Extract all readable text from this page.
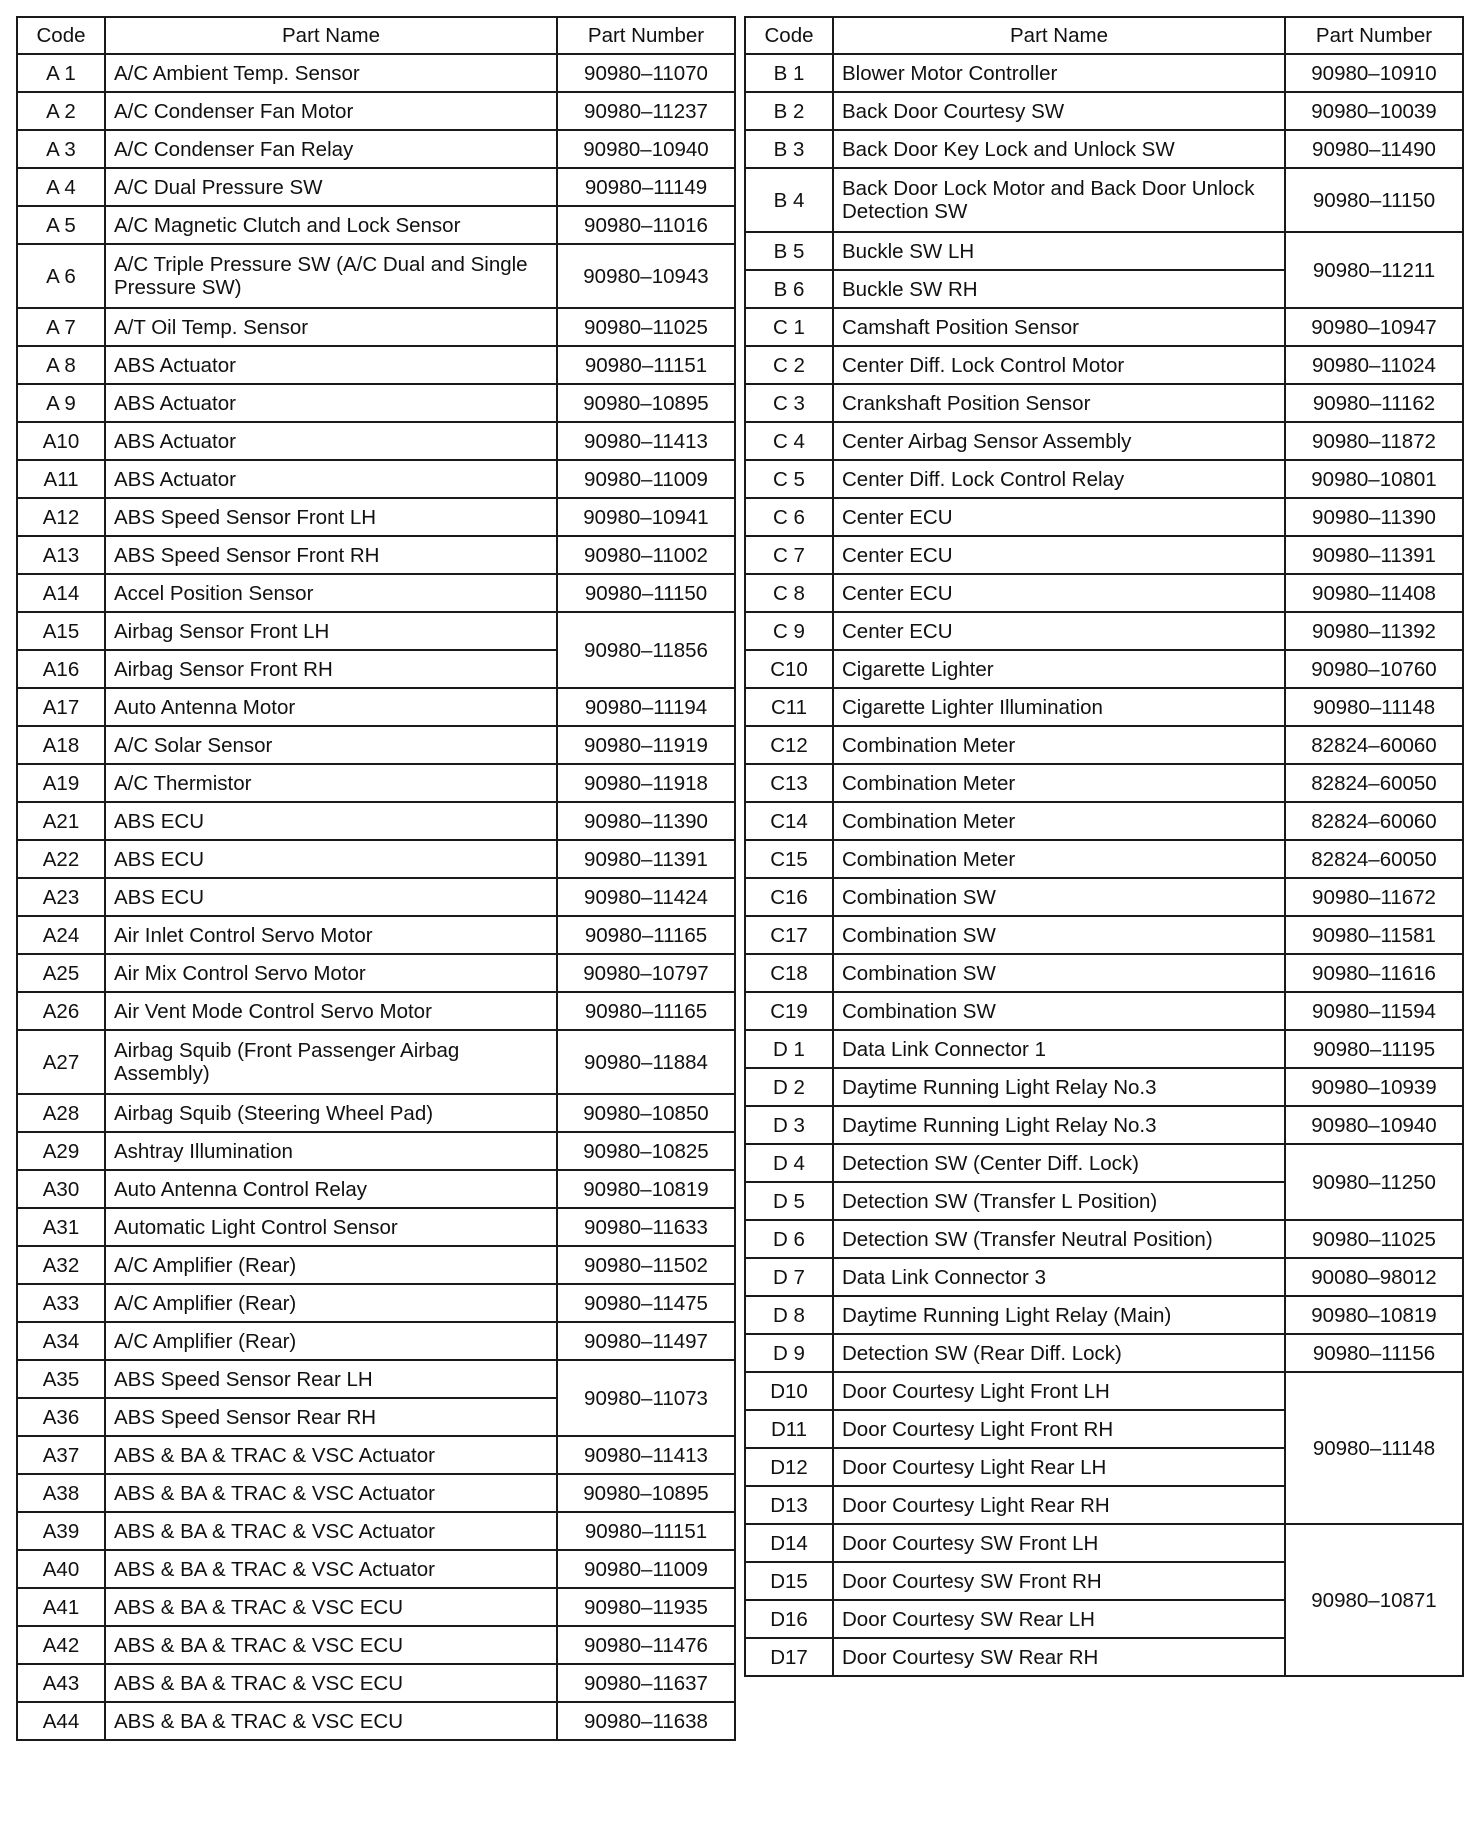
Code	Part Name	Part Number
A 1	A/C Ambient Temp. Sensor	90980–11070
A 2	A/C Condenser Fan Motor	90980–11237
A 3	A/C Condenser Fan Relay	90980–10940
A 4	A/C Dual Pressure SW	90980–11149
A 5	A/C Magnetic Clutch and Lock Sensor	90980–11016
A 6	A/C Triple Pressure SW (A/C Dual and Single Pressure SW)	90980–10943
A 7	A/T Oil Temp. Sensor	90980–11025
A 8	ABS Actuator	90980–11151
A 9	ABS Actuator	90980–10895
A10	ABS Actuator	90980–11413
A11	ABS Actuator	90980–11009
A12	ABS Speed Sensor Front LH	90980–10941
A13	ABS Speed Sensor Front RH	90980–11002
A14	Accel Position Sensor	90980–11150
A15	Airbag Sensor Front LH	90980–11856
A16	Airbag Sensor Front RH	
A17	Auto Antenna Motor	90980–11194
A18	A/C Solar Sensor	90980–11919
A19	A/C Thermistor	90980–11918
A21	ABS ECU	90980–11390
A22	ABS ECU	90980–11391
A23	ABS ECU	90980–11424
A24	Air Inlet Control Servo Motor	90980–11165
A25	Air Mix Control Servo Motor	90980–10797
A26	Air Vent Mode Control Servo Motor	90980–11165
A27	Airbag Squib (Front Passenger Airbag Assembly)	90980–11884
A28	Airbag Squib (Steering Wheel Pad)	90980–10850
A29	Ashtray Illumination	90980–10825
A30	Auto Antenna Control Relay	90980–10819
A31	Automatic Light Control Sensor	90980–11633
A32	A/C Amplifier (Rear)	90980–11502
A33	A/C Amplifier (Rear)	90980–11475
A34	A/C Amplifier (Rear)	90980–11497
A35	ABS Speed Sensor Rear LH	90980–11073
A36	ABS Speed Sensor Rear RH	
A37	ABS & BA & TRAC & VSC Actuator	90980–11413
A38	ABS & BA & TRAC & VSC Actuator	90980–10895
A39	ABS & BA & TRAC & VSC Actuator	90980–11151
A40	ABS & BA & TRAC & VSC Actuator	90980–11009
A41	ABS & BA & TRAC & VSC ECU	90980–11935
A42	ABS & BA & TRAC & VSC ECU	90980–11476
A43	ABS & BA & TRAC & VSC ECU	90980–11637
A44	ABS & BA & TRAC & VSC ECU	90980–11638
Code	Part Name	Part Number
B 1	Blower Motor Controller	90980–10910
B 2	Back Door Courtesy SW	90980–10039
B 3	Back Door Key Lock and Unlock SW	90980–11490
B 4	Back Door Lock Motor and Back Door Unlock Detection SW	90980–11150
B 5	Buckle SW LH	90980–11211
B 6	Buckle SW RH	
C 1	Camshaft Position Sensor	90980–10947
C 2	Center Diff. Lock Control Motor	90980–11024
C 3	Crankshaft Position Sensor	90980–11162
C 4	Center Airbag Sensor Assembly	90980–11872
C 5	Center Diff. Lock Control Relay	90980–10801
C 6	Center ECU	90980–11390
C 7	Center ECU	90980–11391
C 8	Center ECU	90980–11408
C 9	Center ECU	90980–11392
C10	Cigarette Lighter	90980–10760
C11	Cigarette Lighter Illumination	90980–11148
C12	Combination Meter	82824–60060
C13	Combination Meter	82824–60050
C14	Combination Meter	82824–60060
C15	Combination Meter	82824–60050
C16	Combination SW	90980–11672
C17	Combination SW	90980–11581
C18	Combination SW	90980–11616
C19	Combination SW	90980–11594
D 1	Data Link Connector 1	90980–11195
D 2	Daytime Running Light Relay No.3	90980–10939
D 3	Daytime Running Light Relay No.3	90980–10940
D 4	Detection SW (Center Diff. Lock)	90980–11250
D 5	Detection SW (Transfer L Position)	
D 6	Detection SW (Transfer Neutral Position)	90980–11025
D 7	Data Link Connector 3	90080–98012
D 8	Daytime Running Light Relay (Main)	90980–10819
D 9	Detection SW (Rear Diff. Lock)	90980–11156
D10	Door Courtesy Light Front LH	90980–11148
D11	Door Courtesy Light Front RH	
D12	Door Courtesy Light Rear LH	
D13	Door Courtesy Light Rear RH	
D14	Door Courtesy SW Front LH	90980–10871
D15	Door Courtesy SW Front RH	
D16	Door Courtesy SW Rear LH	
D17	Door Courtesy SW Rear RH	
